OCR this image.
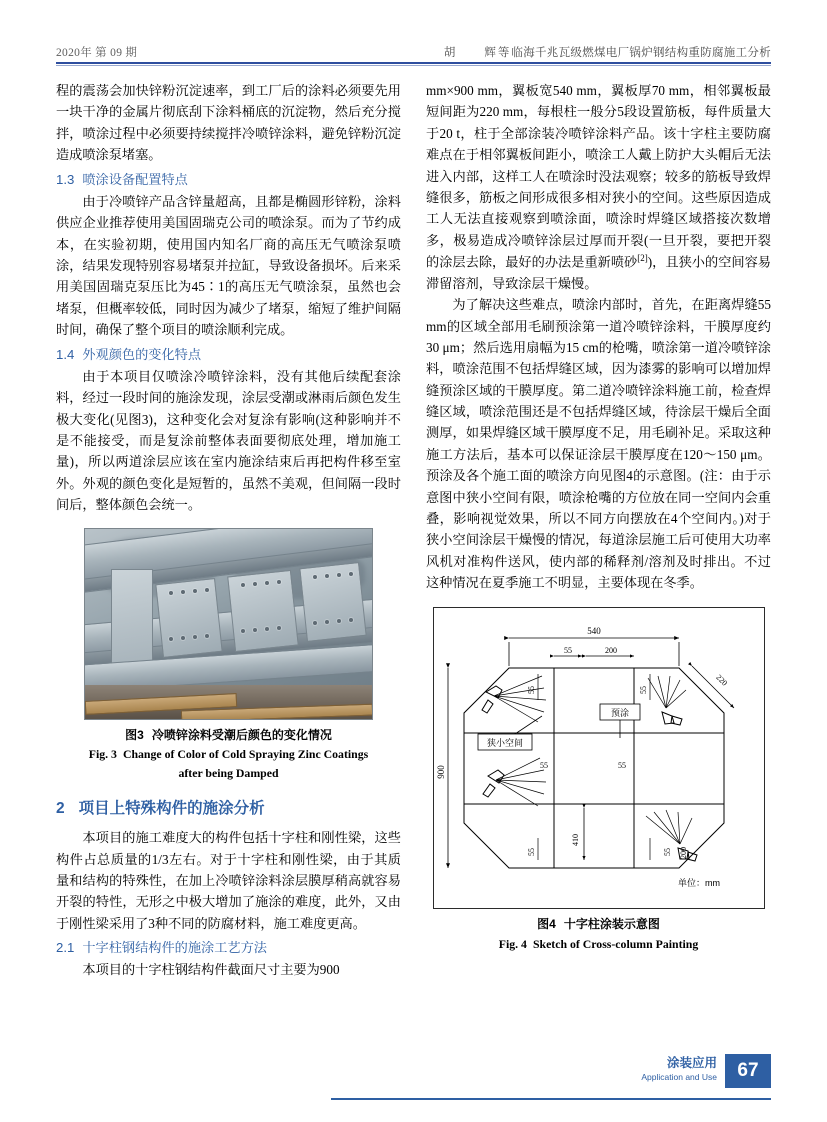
2020年 第 09 期	胡　　辉等临海千兆瓦级燃煤电厂锅炉钢结构重防腐施工分析

程的震荡会加快锌粉沉淀速率，到工厂后的涂料必须要先用一块干净的金属片彻底刮下涂料桶底的沉淀物，然后充分搅拌，喷涂过程中必须要持续搅拌冷喷锌涂料，避免锌粉沉淀造成喷涂泵堵塞。

1.3 喷涂设备配置特点

由于冷喷锌产品含锌量超高，且都是椭圆形锌粉，涂料供应企业推荐使用美国固瑞克公司的喷涂泵。而为了节约成本，在实验初期，使用国内知名厂商的高压无气喷涂泵喷涂，结果发现特别容易堵泵并拉缸，导致设备损坏。后来采用美国固瑞克泵压比为45∶1的高压无气喷涂泵，虽然也会堵泵，但概率较低，同时因为减少了堵泵，缩短了维护间隔时间，确保了整个项目的喷涂顺利完成。

1.4 外观颜色的变化特点

由于本项目仅喷涂冷喷锌涂料，没有其他后续配套涂料，经过一段时间的施涂发现，涂层受潮或淋雨后颜色发生极大变化(见图3)，这种变化会对复涂有影响(这种影响并不是不能接受，而是复涂前整体表面要彻底处理，增加施工量)，所以两道涂层应该在室内施涂结束后再把构件移至室外。外观的颜色变化是短暂的，虽然不美观，但间隔一段时间后，整体颜色会统一。

图3 冷喷锌涂料受潮后颜色的变化情况
Fig. 3 Change of Color of Cold Spraying Zinc Coatings
after being Damped
2 项目上特殊构件的施涂分析

本项目的施工难度大的构件包括十字柱和刚性梁，这些构件占总质量的1/3左右。对于十字柱和刚性梁，由于其质量和结构的特殊性，在加上冷喷锌涂料涂层膜厚稍高就容易开裂的特性，无形之中极大增加了施涂的难度，此外，又由于刚性梁采用了3种不同的防腐材料，施工难度更高。

2.1 十字柱钢结构件的施涂工艺方法

本项目的十字柱钢结构件截面尺寸主要为900

mm×900 mm，翼板宽540 mm，翼板厚70 mm，相邻翼板最短间距为220 mm，每根柱一般分5段设置筋板，每件质量大于20 t，柱于全部涂装冷喷锌涂料产品。该十字柱主要防腐难点在于相邻翼板间距小，喷涂工人戴上防护大头帽后无法进入内部，这样工人在喷涂时没法观察；较多的筋板导致焊缝很多，筋板之间形成很多相对狭小的空间。这些原因造成工人无法直接观察到喷涂面，喷涂时焊缝区域搭接次数增多，极易造成冷喷锌涂层过厚而开裂(一旦开裂，要把开裂的涂层去除，最好的办法是重新喷砂[2])，且狭小的空间容易滞留溶剂，导致涂层干燥慢。

为了解决这些难点，喷涂内部时，首先，在距离焊缝55 mm的区域全部用毛刷预涂第一道冷喷锌涂料，干膜厚度约30 μm；然后选用扇幅为15 cm的枪嘴，喷涂第一道冷喷锌涂料，喷涂范围不包括焊缝区域，因为漆雾的影响可以增加焊缝预涂区域的干膜厚度。第二道冷喷锌涂料施工前，检查焊缝区域，喷涂范围还是不包括焊缝区域，待涂层干燥后全面测厚，如果焊缝区域干膜厚度不足，用毛刷补足。采取这种施工方法后，基本可以保证涂层干膜厚度在120～150 μm。预涂及各个施工面的喷涂方向见图4的示意图。(注：由于示意图中狭小空间有限，喷涂枪嘴的方位放在同一空间内会重叠，影响视觉效果，所以不同方向摆放在4个空间内。)对于狭小空间涂层干燥慢的情况，每道涂层施工后可使用大功率风机对准构件送风，使内部的稀释剂/溶剂及时排出。不过这种情况在夏季施工不明显，主要体现在冬季。

540
55	200
220
900
410
55	55
55	55
55	55
200
狭小空间
预涂
单位：mm
图4 十字柱涂装示意图
Fig. 4 Sketch of Cross-column Painting
涂装应用
Application and Use	67
